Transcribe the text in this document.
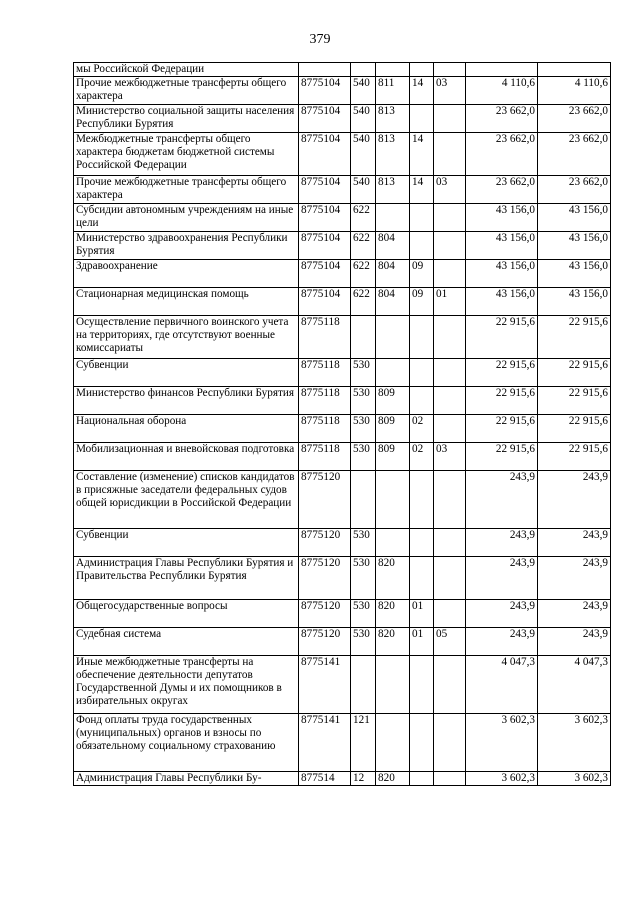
379
мы Российской Федерации							
Прочие межбюджетные трансферты общего характера	8775104	540	811	14	03	4 110,6	4 110,6
Министерство социальной защиты населения Республики Бурятия	8775104	540	813			23 662,0	23 662,0
Межбюджетные трансферты общего характера бюджетам бюджетной системы Российской Федерации	8775104	540	813	14		23 662,0	23 662,0
Прочие межбюджетные трансферты общего характера	8775104	540	813	14	03	23 662,0	23 662,0
Субсидии автономным учреждениям на иные цели	8775104	622				43 156,0	43 156,0
Министерство здравоохранения Республики Бурятия	8775104	622	804			43 156,0	43 156,0
Здравоохранение	8775104	622	804	09		43 156,0	43 156,0
Стационарная медицинская помощь	8775104	622	804	09	01	43 156,0	43 156,0
Осуществление первичного воинского учета на территориях, где отсутствуют военные комиссариаты	8775118					22 915,6	22 915,6
Субвенции	8775118	530				22 915,6	22 915,6
Министерство финансов Республики Бурятия	8775118	530	809			22 915,6	22 915,6
Национальная оборона	8775118	530	809	02		22 915,6	22 915,6
Мобилизационная и вневойсковая подготовка	8775118	530	809	02	03	22 915,6	22 915,6
Составление (изменение) списков кандидатов в присяжные заседатели федеральных судов общей юрисдикции в Российской Федерации	8775120					243,9	243,9
Субвенции	8775120	530				243,9	243,9
Администрация Главы Республики Бурятия и Правительства Республики Бурятия	8775120	530	820			243,9	243,9
Общегосударственные вопросы	8775120	530	820	01		243,9	243,9
Судебная система	8775120	530	820	01	05	243,9	243,9
Иные межбюджетные трансферты на обеспечение деятельности депутатов Государственной Думы и их помощников в избирательных округах	8775141					4 047,3	4 047,3
Фонд оплаты труда государственных (муниципальных) органов и взносы по обязательному социальному страхованию	8775141	121				3 602,3	3 602,3
Администрация Главы Республики Бу-	877514	12	820			3 602,3	3 602,3
